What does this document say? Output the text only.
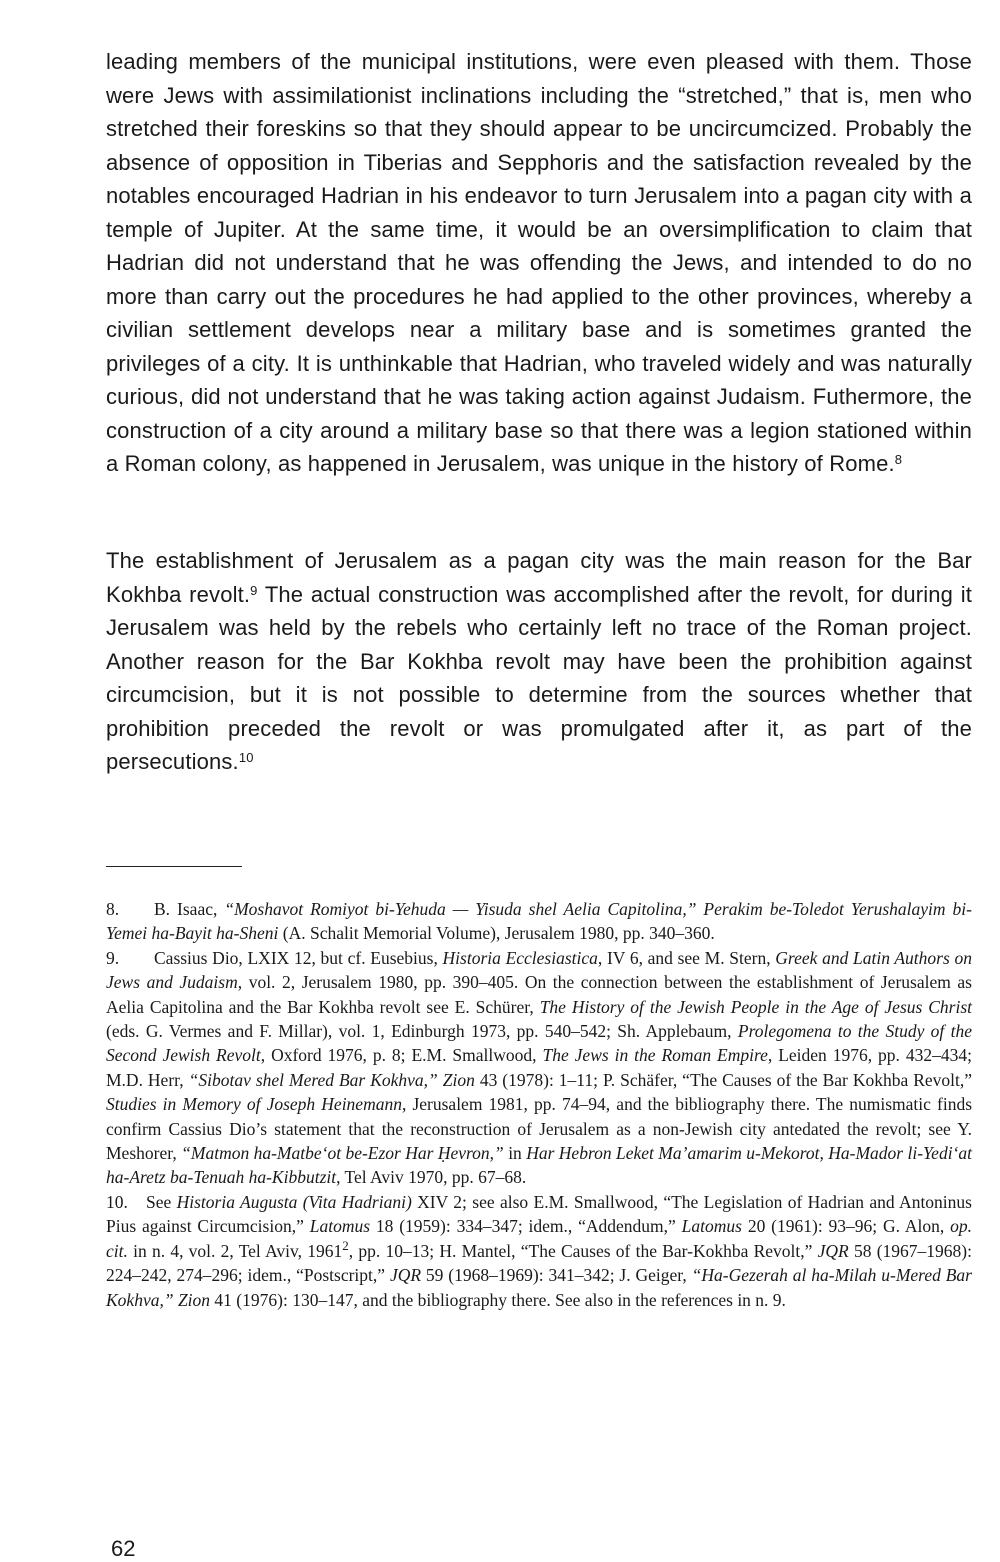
leading members of the municipal institutions, were even pleased with them. Those were Jews with assimilationist inclinations including the “stretched,” that is, men who stretched their foreskins so that they should appear to be uncircumcized. Probably the absence of opposition in Tiberias and Sepphoris and the satisfaction revealed by the notables encouraged Hadrian in his endeavor to turn Jerusalem into a pagan city with a temple of Jupiter. At the same time, it would be an oversimplification to claim that Hadrian did not understand that he was offending the Jews, and intended to do no more than carry out the procedures he had applied to the other provinces, whereby a civilian settlement develops near a military base and is sometimes granted the privileges of a city. It is unthinkable that Hadrian, who traveled widely and was naturally curious, did not understand that he was taking action against Judaism. Futhermore, the construction of a city around a military base so that there was a legion stationed within a Roman colony, as happened in Jerusalem, was unique in the history of Rome.$^8$

The establishment of Jerusalem as a pagan city was the main reason for the Bar Kokhba revolt.$^9$ The actual construction was accomplished after the revolt, for during it Jerusalem was held by the rebels who certainly left no trace of the Roman project. Another reason for the Bar Kokhba revolt may have been the prohibition against circumcision, but it is not possible to determine from the sources whether that prohibition preceded the revolt or was promulgated after it, as part of the persecutions.$^{10}$

8. B. Isaac, “Moshavot Romiyot bi-Yehuda — Yisuda shel Aelia Capitolina,” Perakim be-Toledot Yerushalayim bi-Yemei ha-Bayit ha-Sheni (A. Schalit Memorial Volume), Jerusalem 1980, pp. 340–360.

9. Cassius Dio, LXIX 12, but cf. Eusebius, Historia Ecclesiastica, IV 6, and see M. Stern, Greek and Latin Authors on Jews and Judaism, vol. 2, Jerusalem 1980, pp. 390–405. On the connection between the establishment of Jerusalem as Aelia Capitolina and the Bar Kokhba revolt see E. Schürer, The History of the Jewish People in the Age of Jesus Christ (eds. G. Vermes and F. Millar), vol. 1, Edinburgh 1973, pp. 540–542; Sh. Applebaum, Prolegomena to the Study of the Second Jewish Revolt, Oxford 1976, p. 8; E.M. Smallwood, The Jews in the Roman Empire, Leiden 1976, pp. 432–434; M.D. Herr, “Sibotav shel Mered Bar Kokhva,” Zion 43 (1978): 1–11; P. Schäfer, “The Causes of the Bar Kokhba Revolt,” Studies in Memory of Joseph Heinemann, Jerusalem 1981, pp. 74–94, and the bibliography there. The numismatic finds confirm Cassius Dio’s statement that the reconstruction of Jerusalem as a non-Jewish city antedated the revolt; see Y. Meshorer, “Matmon ha-Matbe‘ot be-Ezor Har Ḥevron,” in Har Hebron Leket Ma’amarim u-Mekorot, Ha-Mador li-Yedi‘at ha-Aretz ba-Tenuah ha-Kibbutzit, Tel Aviv 1970, pp. 67–68.

10. See Historia Augusta (Vita Hadriani) XIV 2; see also E.M. Smallwood, “The Legislation of Hadrian and Antoninus Pius against Circumcision,” Latomus 18 (1959): 334–347; idem., “Addendum,” Latomus 20 (1961): 93–96; G. Alon, op. cit. in n. 4, vol. 2, Tel Aviv, 1961$^2$, pp. 10–13; H. Mantel, “The Causes of the Bar-Kokhba Revolt,” JQR 58 (1967–1968): 224–242, 274–296; idem., “Postscript,” JQR 59 (1968–1969): 341–342; J. Geiger, “Ha-Gezerah al ha-Milah u-Mered Bar Kokhva,” Zion 41 (1976): 130–147, and the bibliography there. See also in the references in n. 9.

62
